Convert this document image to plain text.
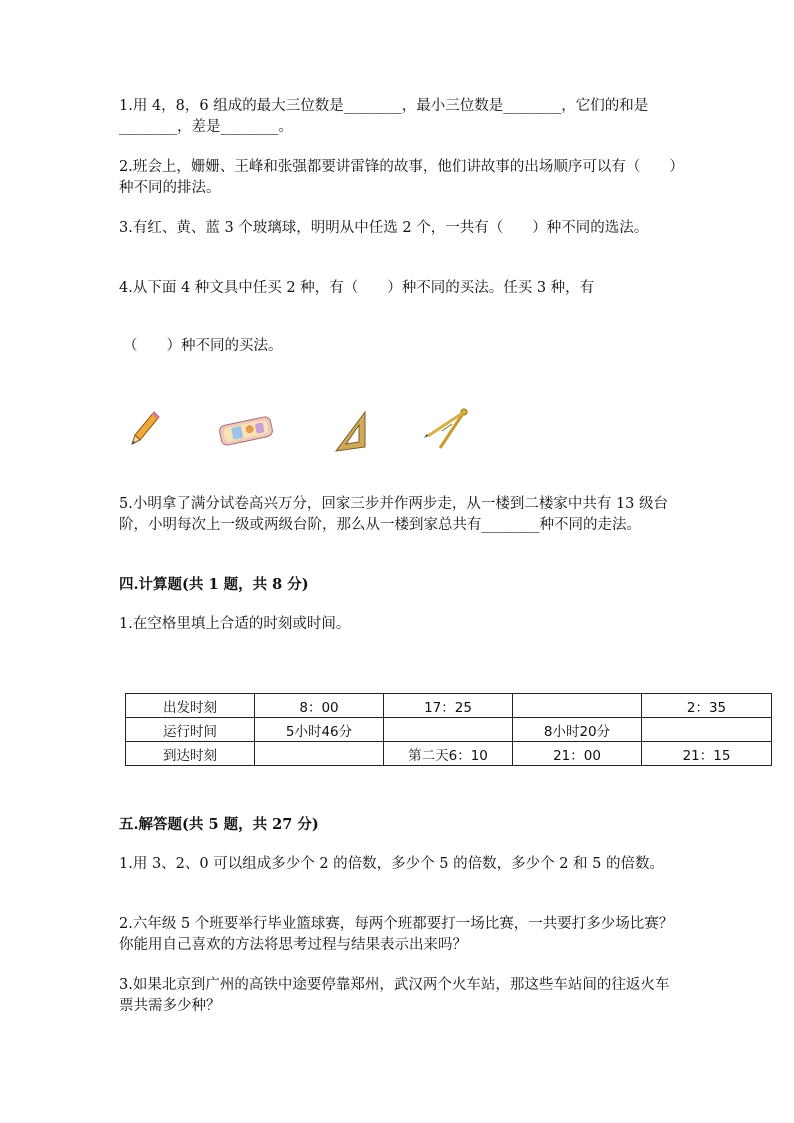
1.用 4，8，6 组成的最大三位数是________，最小三位数是________，它们的和是________，差是________。

2.班会上，姗姗、王峰和张强都要讲雷锋的故事，他们讲故事的出场顺序可以有（　　）种不同的排法。

3.有红、黄、蓝 3 个玻璃球，明明从中任选 2 个，一共有（　　）种不同的选法。

4.从下面 4 种文具中任买 2 种，有（　　）种不同的买法。任买 3 种，有

（　　）种不同的买法。

5.小明拿了满分试卷高兴万分，回家三步并作两步走，从一楼到二楼家中共有 13 级台阶，小明每次上一级或两级台阶，那么从一楼到家总共有________种不同的走法。

四.计算题(共 1 题，共 8 分)

1.在空格里填上合适的时刻或时间。

出发时刻	8：00	17：25		2：35
运行时间	5小时46分		8小时20分	
到达时刻		第二天6：10	21：00	21：15
五.解答题(共 5 题，共 27 分)

1.用 3、2、0 可以组成多少个 2 的倍数，多少个 5 的倍数，多少个 2 和 5 的倍数。

2.六年级 5 个班要举行毕业篮球赛，每两个班都要打一场比赛，一共要打多少场比赛？你能用自己喜欢的方法将思考过程与结果表示出来吗？

3.如果北京到广州的高铁中途要停靠郑州，武汉两个火车站，那这些车站间的往返火车票共需多少种？
